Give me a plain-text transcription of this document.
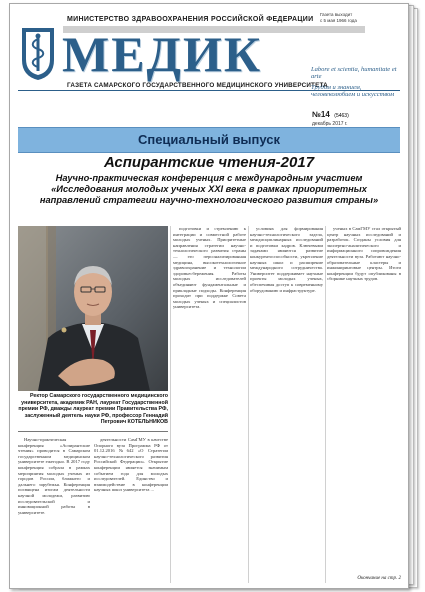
Газета выходит
с 5 мая 1966 года
МИНИСТЕРСТВО ЗДРАВООХРАНЕНИЯ РОССИЙСКОЙ ФЕДЕРАЦИИ
МЕДИК
ГАЗЕТА САМАРСКОГО ГОСУДАРСТВЕННОГО МЕДИЦИНСКОГО УНИВЕРСИТЕТА
Labore et scientia, humanitate et arte
Трудом и знанием, человеколюбием и искусством
№14 (5463)
декабрь 2017 г.
Специальный выпуск
Аспирантские чтения-2017
Научно-практическая конференция с международным участием «Исследования молодых ученых XXI века в рамках приоритетных направлений стратегии научно-технологического развития страны»
Ректор Самарского государственного медицинского университета, академик РАН, лауреат Государственной премии РФ, дважды лауреат премии Правительства РФ, заслуженный деятель науки РФ, профессор Геннадий Петрович КОТЕЛЬНИКОВ

Научно-практическая конференция «Аспирантские чтения» проводится в Самарском государственном медицинском университете ежегодно. В 2017 году конференция собрала в рамках мероприятия молодых ученых из городов России, ближнего и дальнего зарубежья. Конференция посвящена итогам деятельности научной молодежи, развитию исследовательской и инновационной работы в университете.

деятельности СамГМУ в качестве Опорного вуза Программа РФ от 01.12.2016 №642 «О Стратегии научно-технологического развития Российской Федерации». Открытие конференции является значимым событием года для молодых исследователей. Единство и взаимодействие в конференции научных школ университета ...

подготовки и стремлению к интеграции и совместной работе молодых ученых. Приоритетные направления стратегии научно-технологического развития страны — это персонализированная медицина, высокотехнологичное здравоохранение и технологии здоровьесбережения. Работы молодых исследователей объединяют фундаментальные и прикладные подходы. Конференция проходит при поддержке Совета молодых ученых и специалистов университета.

условиях для формирования научно-технологического задела, междисциплинарных исследований и подготовки кадров. Ключевыми задачами являются развитие конкурентоспособности, укрепление научных школ и расширение международного сотрудничества. Университет поддерживает научные проекты молодых ученых, обеспечивая доступ к современному оборудованию и инфраструктуре.

ученых в СамГМУ стал открытый центр научных исследований и разработок. Созданы условия для экспертно-аналитического и информационного сопровождения деятельности вуза. Работают научно-образовательные кластеры и инжиниринговые центры. Итоги конференции будут опубликованы в сборнике научных трудов.

Окончание на стр. 2
